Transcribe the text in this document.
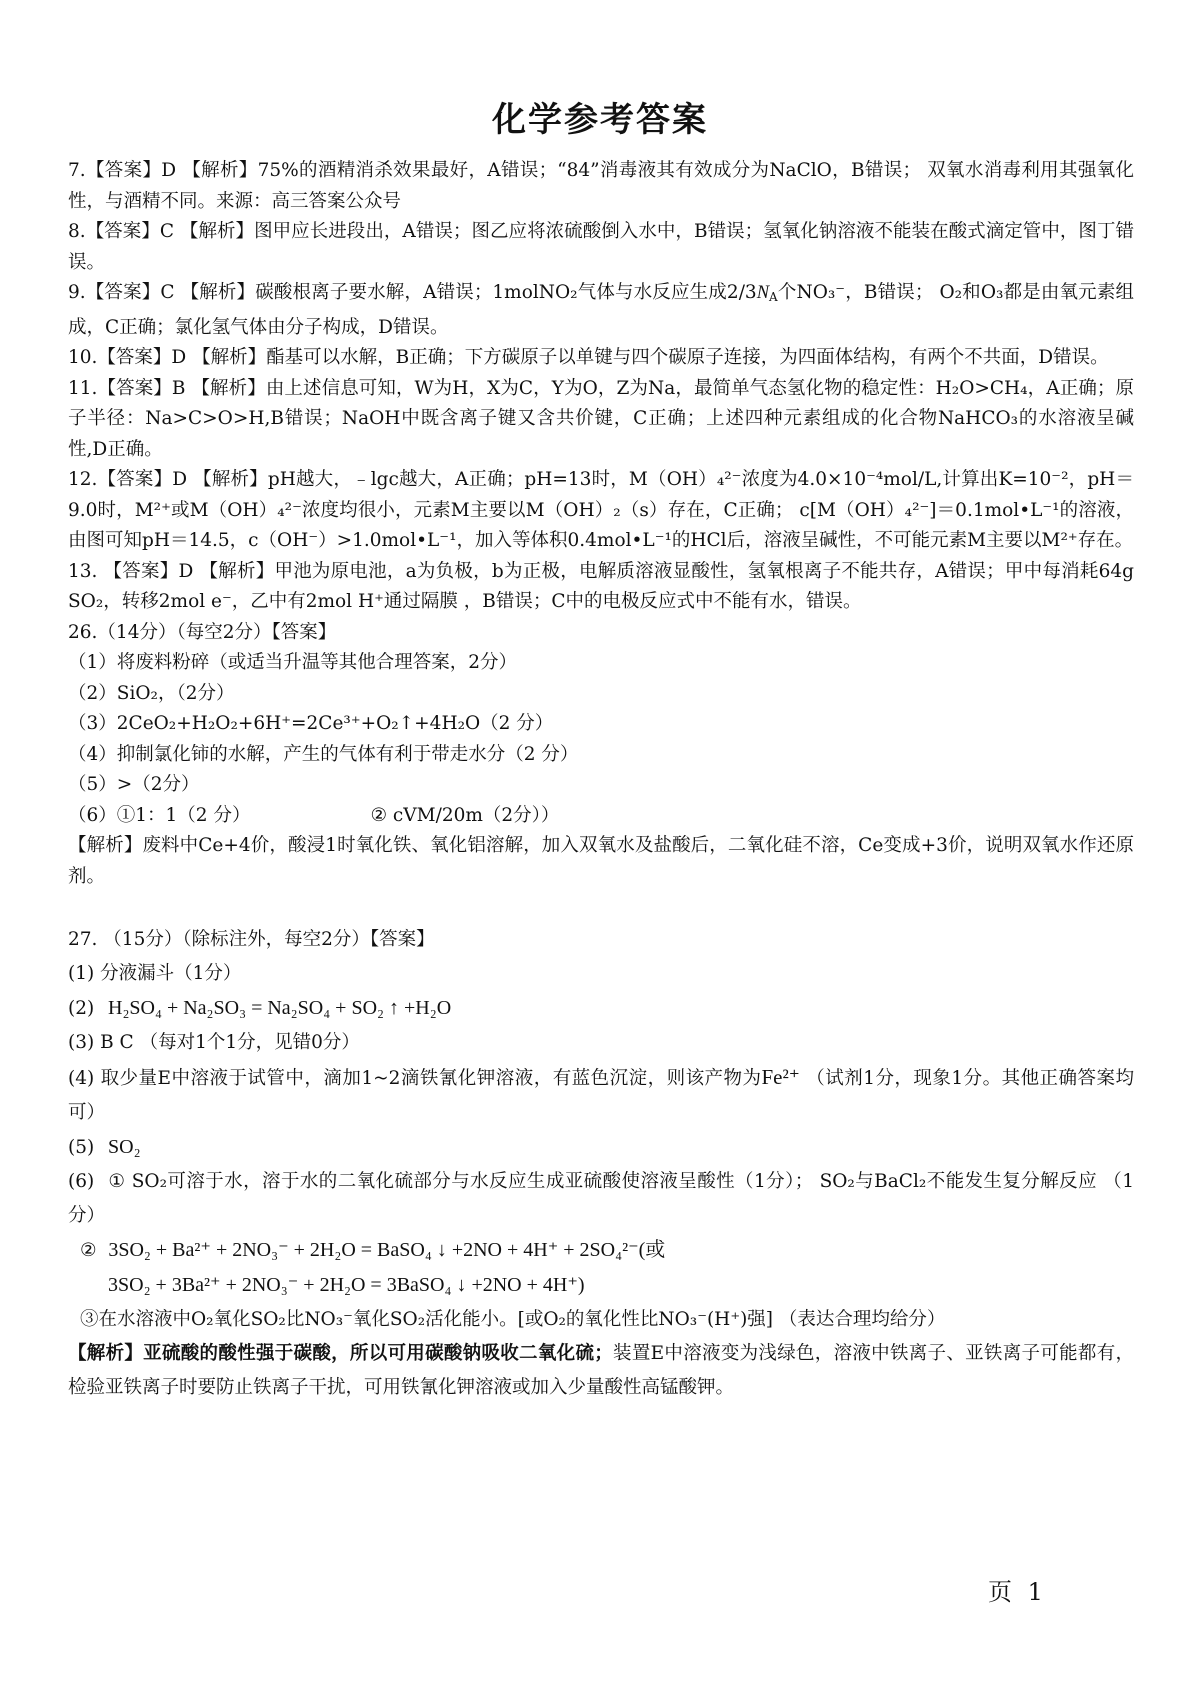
化学参考答案

7.【答案】D 【解析】75%的酒精消杀效果最好，A错误；“84”消毒液其有效成分为NaClO，B错误； 双氧水消毒利用其强氧化性，与酒精不同。来源：高三答案公众号

8.【答案】C 【解析】图甲应长进段出，A错误；图乙应将浓硫酸倒入水中，B错误；氢氧化钠溶液不能装在酸式滴定管中，图丁错误。

9.【答案】C 【解析】碳酸根离子要水解，A错误；1molNO₂气体与水反应生成$2/3N_A$个NO₃⁻，B错误； O₂和O₃都是由氧元素组成，C正确；氯化氢气体由分子构成，D错误。

10.【答案】D 【解析】酯基可以水解，B正确；下方碳原子以单键与四个碳原子连接，为四面体结构，有两个不共面，D错误。

11.【答案】B 【解析】由上述信息可知，W为H，X为C，Y为O，Z为Na，最简单气态氢化物的稳定性：H₂O>CH₄，A正确；原子半径：Na>C>O>H,B错误；NaOH中既含离子键又含共价键，C正确；上述四种元素组成的化合物NaHCO₃的水溶液呈碱性,D正确。

12.【答案】D 【解析】pH越大，﹣lgc越大，A正确；pH=13时，M（OH）₄²⁻浓度为4.0×10⁻⁴mol/L,计算出K=10⁻²，pH＝9.0时，M²⁺或M（OH）₄²⁻浓度均很小，元素M主要以M（OH）₂（s）存在，C正确； c[M（OH）₄²⁻]＝0.1mol•L⁻¹的溶液，由图可知pH＝14.5，c（OH⁻）>1.0mol•L⁻¹，加入等体积0.4mol•L⁻¹的HCl后，溶液呈碱性，不可能元素M主要以M²⁺存在。

13. 【答案】D 【解析】甲池为原电池，a为负极，b为正极，电解质溶液显酸性，氢氧根离子不能共存，A错误；甲中每消耗64g SO₂，转移2mol e⁻，乙中有2mol H⁺通过隔膜 ，B错误；C中的电极反应式中不能有水，错误。

26.（14分）（每空2分）【答案】

（1）将废料粉碎（或适当升温等其他合理答案，2分）

（2）SiO₂，（2分）

（3）2CeO₂+H₂O₂+6H⁺=2Ce³⁺+O₂↑+4H₂O（2 分）

（4）抑制氯化铈的水解，产生的气体有利于带走水分（2 分）

（5）>（2分）

（6）①1：1（2 分）	② cVM/20m（2分））

【解析】废料中Ce+4价，酸浸1时氧化铁、氧化铝溶解，加入双氧水及盐酸后，二氧化硅不溶，Ce变成+3价，说明双氧水作还原剂。

27. （15分）（除标注外，每空2分）【答案】

(1) 分液漏斗（1分）

(2) H₂SO₄ + Na₂SO₃ = Na₂SO₄ + SO₂ ↑ +H₂O

(3) B C （每对1个1分，见错0分）

(4) 取少量E中溶液于试管中，滴加1~2滴铁氰化钾溶液，有蓝色沉淀，则该产物为Fe²⁺ （试剂1分，现象1分。其他正确答案均可）

(5) SO₂

(6) ① SO₂可溶于水，溶于水的二氧化硫部分与水反应生成亚硫酸使溶液呈酸性（1分）； SO₂与BaCl₂不能发生复分解反应 （1分）

② 3SO₂ + Ba²⁺ + 2NO₃⁻ + 2H₂O = BaSO₄ ↓ +2NO + 4H⁺ + 2SO₄²⁻(或

3SO₂ + 3Ba²⁺ + 2NO₃⁻ + 2H₂O = 3BaSO₄ ↓ +2NO + 4H⁺)

③在水溶液中O₂氧化SO₂比NO₃⁻氧化SO₂活化能小。[或O₂的氧化性比NO₃⁻(H⁺)强] （表达合理均给分）

【解析】亚硫酸的酸性强于碳酸，所以可用碳酸钠吸收二氧化硫；装置E中溶液变为浅绿色，溶液中铁离子、亚铁离子可能都有，检验亚铁离子时要防止铁离子干扰，可用铁氰化钾溶液或加入少量酸性高锰酸钾。

页 1
